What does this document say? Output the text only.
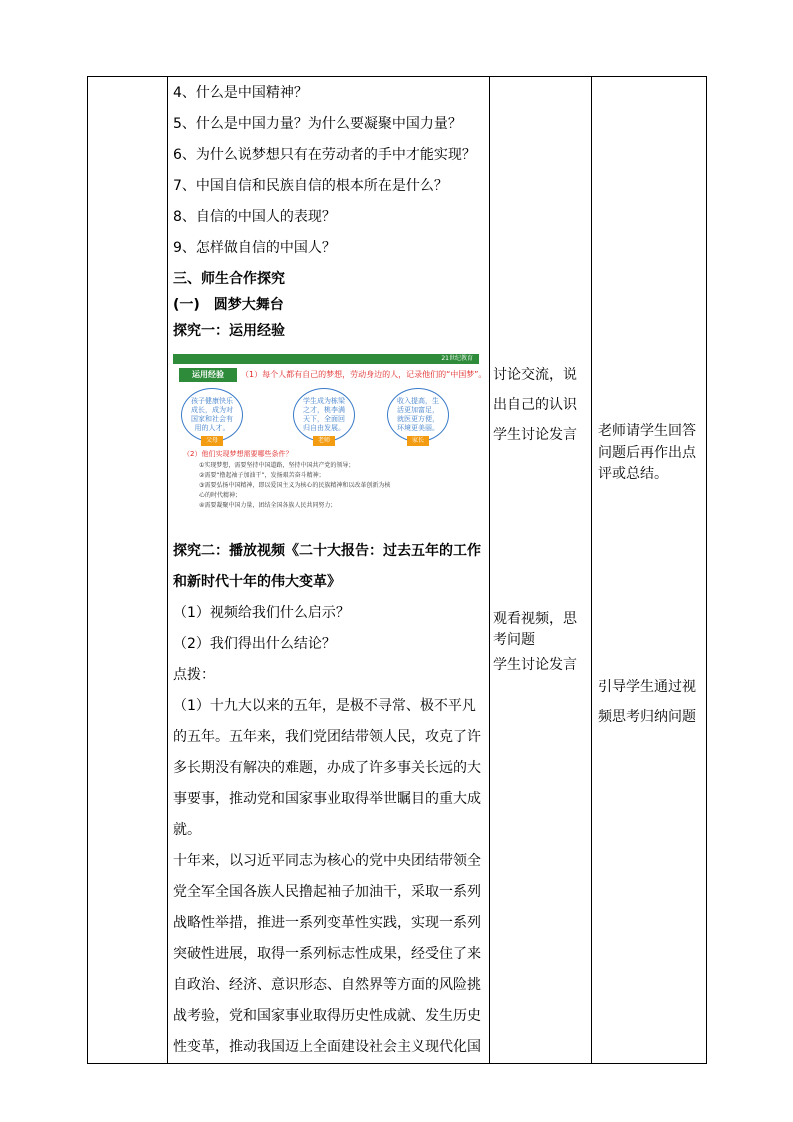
4、什么是中国精神？
5、什么是中国力量？为什么要凝聚中国力量？
6、为什么说梦想只有在劳动者的手中才能实现？
7、中国自信和民族自信的根本所在是什么？
8、自信的中国人的表现？
9、怎样做自信的中国人？
三、师生合作探究
(一)　圆梦大舞台
探究一：运用经验
21世纪教育
运用经验	（1）每个人都有自己的梦想，劳动身边的人，记录他们的“中国梦”。
孩子健康快乐成长，成为对国家和社会有用的人才。
父母
学生成为栋梁之才，桃李满天下，全面回归自由发展。
老师
收入提高，生活更加富足，就医更方便，环境更美丽。
家长
（2）他们实现梦想需要哪些条件？
①实现梦想，需要坚持中国道路，坚持中国共产党的领导；
②需要“撸起袖子加油干”，发扬艰苦奋斗精神；
③需要弘扬中国精神，即以爱国主义为核心的民族精神和以改革创新为核
心的时代精神；
④需要凝聚中国力量，团结全国各族人民共同努力；
探究二：播放视频《二十大报告：过去五年的工作
和新时代十年的伟大变革》
（1）视频给我们什么启示？
（2）我们得出什么结论？
点拨：
（1）十九大以来的五年，是极不寻常、极不平凡
的五年。五年来，我们党团结带领人民，攻克了许
多长期没有解决的难题，办成了许多事关长远的大
事要事，推动党和国家事业取得举世瞩目的重大成
就。
十年来，以习近平同志为核心的党中央团结带领全
党全军全国各族人民撸起袖子加油干，采取一系列
战略性举措，推进一系列变革性实践，实现一系列
突破性进展，取得一系列标志性成果，经受住了来
自政治、经济、意识形态、自然界等方面的风险挑
战考验，党和国家事业取得历史性成就、发生历史
性变革，推动我国迈上全面建设社会主义现代化国
讨论交流，说
出自己的认识
学生讨论发言
观看视频，思
考问题
学生讨论发言
老师请学生回答
问题后再作出点
评或总结。
引导学生通过视
频思考归纳问题
